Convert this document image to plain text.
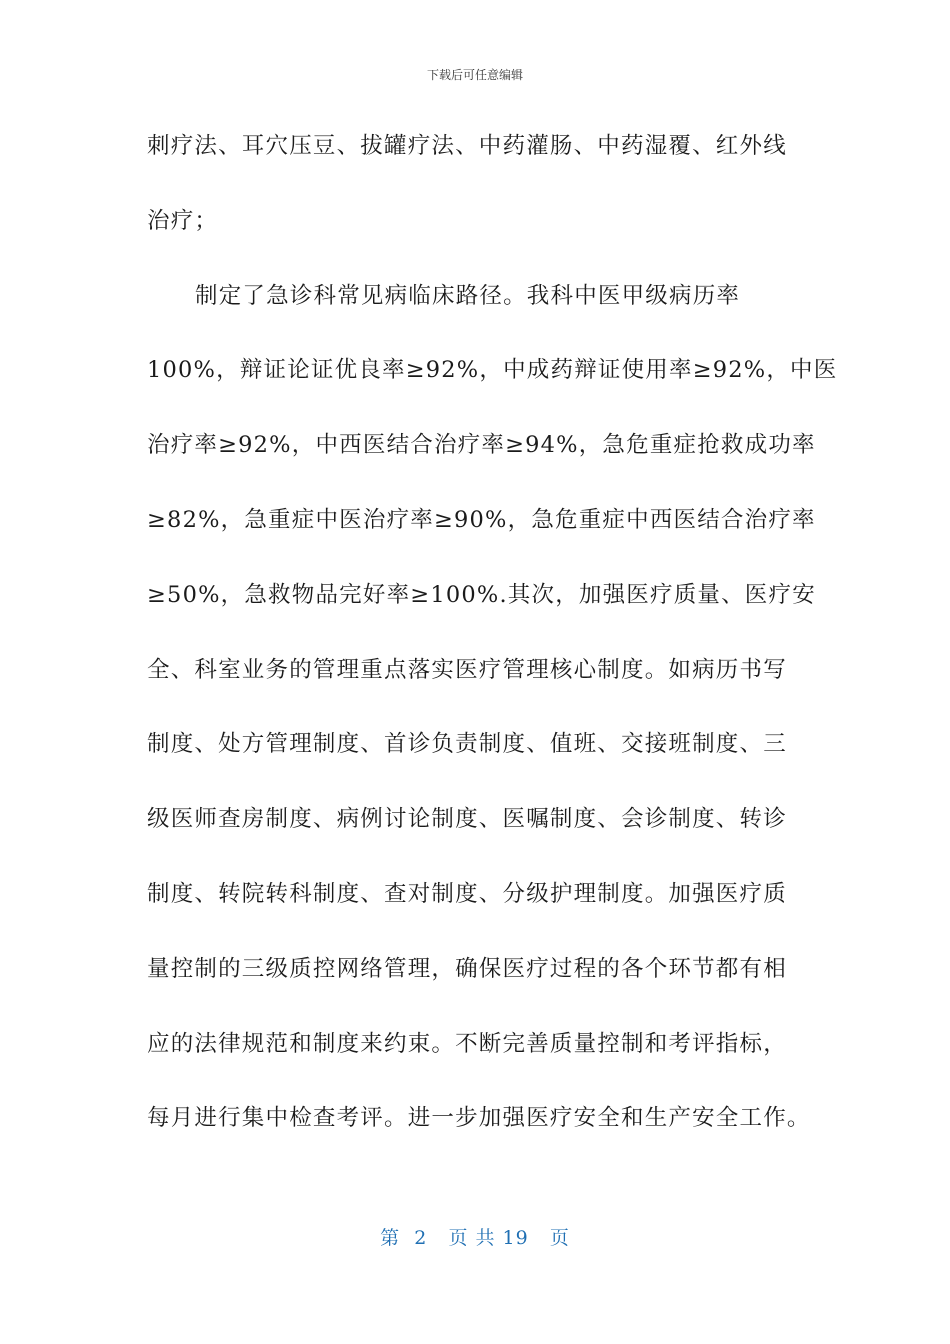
下载后可任意编辑
刺疗法、耳穴压豆、拔罐疗法、中药灌肠、中药湿覆、红外线
治疗；
制定了急诊科常见病临床路径。我科中医甲级病历率
100%，辩证论证优良率≥92%，中成药辩证使用率≥92%，中医
治疗率≥92%，中西医结合治疗率≥94%，急危重症抢救成功率
≥82%，急重症中医治疗率≥90%，急危重症中西医结合治疗率
≥50%，急救物品完好率≥100%.其次，加强医疗质量、医疗安
全、科室业务的管理重点落实医疗管理核心制度。如病历书写
制度、处方管理制度、首诊负责制度、值班、交接班制度、三
级医师查房制度、病例讨论制度、医嘱制度、会诊制度、转诊
制度、转院转科制度、查对制度、分级护理制度。加强医疗质
量控制的三级质控网络管理，确保医疗过程的各个环节都有相
应的法律规范和制度来约束。不断完善质量控制和考评指标，
每月进行集中检查考评。进一步加强医疗安全和生产安全工作。
第  2   页 共 19   页
